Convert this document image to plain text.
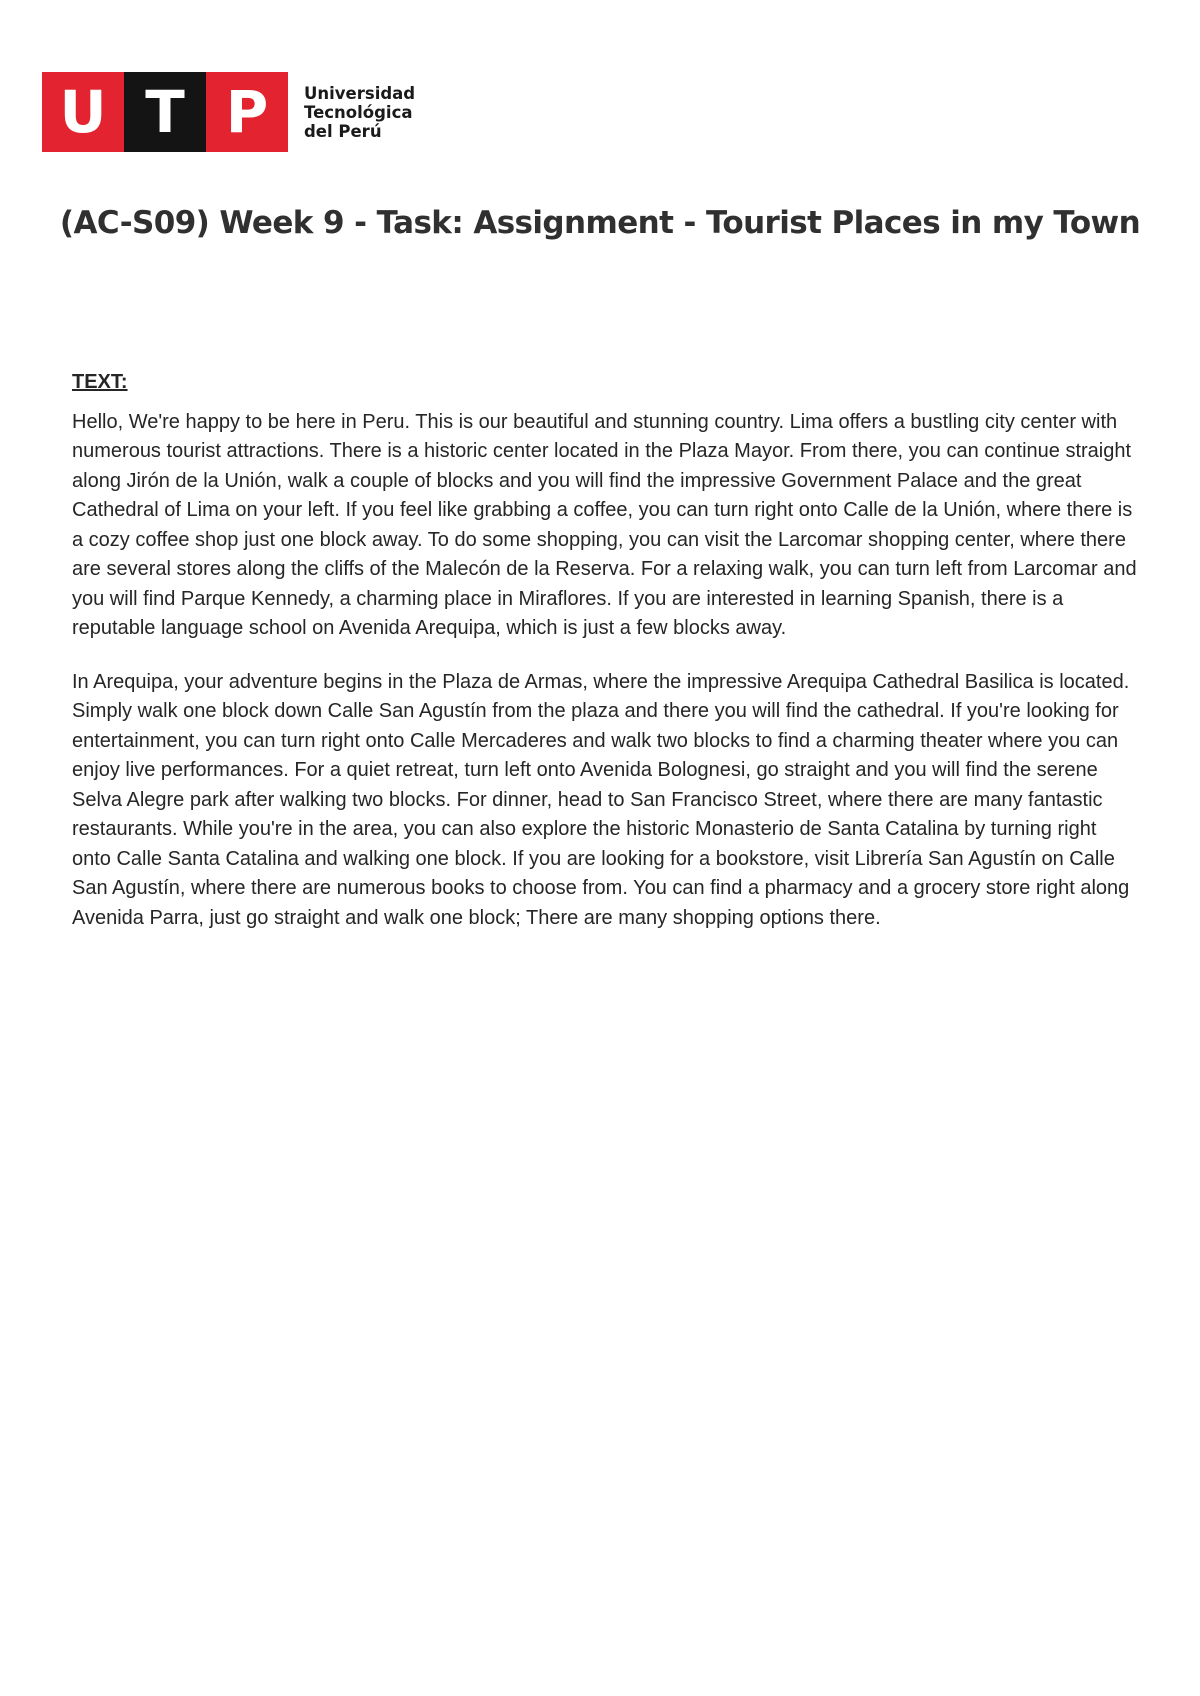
U T P	Universidad
Tecnológica
del Perú
(AC-S09) Week 9 - Task: Assignment - Tourist Places in my Town

TEXT:

Hello, We're happy to be here in Peru. This is our beautiful and stunning country. Lima offers a bustling city center with numerous tourist attractions. There is a historic center located in the Plaza Mayor. From there, you can continue straight along Jirón de la Unión, walk a couple of blocks and you will find the impressive Government Palace and the great Cathedral of Lima on your left. If you feel like grabbing a coffee, you can turn right onto Calle de la Unión, where there is a cozy coffee shop just one block away. To do some shopping, you can visit the Larcomar shopping center, where there are several stores along the cliffs of the Malecón de la Reserva. For a relaxing walk, you can turn left from Larcomar and you will find Parque Kennedy, a charming place in Miraflores. If you are interested in learning Spanish, there is a reputable language school on Avenida Arequipa, which is just a few blocks away.

In Arequipa, your adventure begins in the Plaza de Armas, where the impressive Arequipa Cathedral Basilica is located. Simply walk one block down Calle San Agustín from the plaza and there you will find the cathedral. If you're looking for entertainment, you can turn right onto Calle Mercaderes and walk two blocks to find a charming theater where you can enjoy live performances. For a quiet retreat, turn left onto Avenida Bolognesi, go straight and you will find the serene Selva Alegre park after walking two blocks. For dinner, head to San Francisco Street, where there are many fantastic restaurants. While you're in the area, you can also explore the historic Monasterio de Santa Catalina by turning right onto Calle Santa Catalina and walking one block. If you are looking for a bookstore, visit Librería San Agustín on Calle San Agustín, where there are numerous books to choose from. You can find a pharmacy and a grocery store right along Avenida Parra, just go straight and walk one block; There are many shopping options there.
